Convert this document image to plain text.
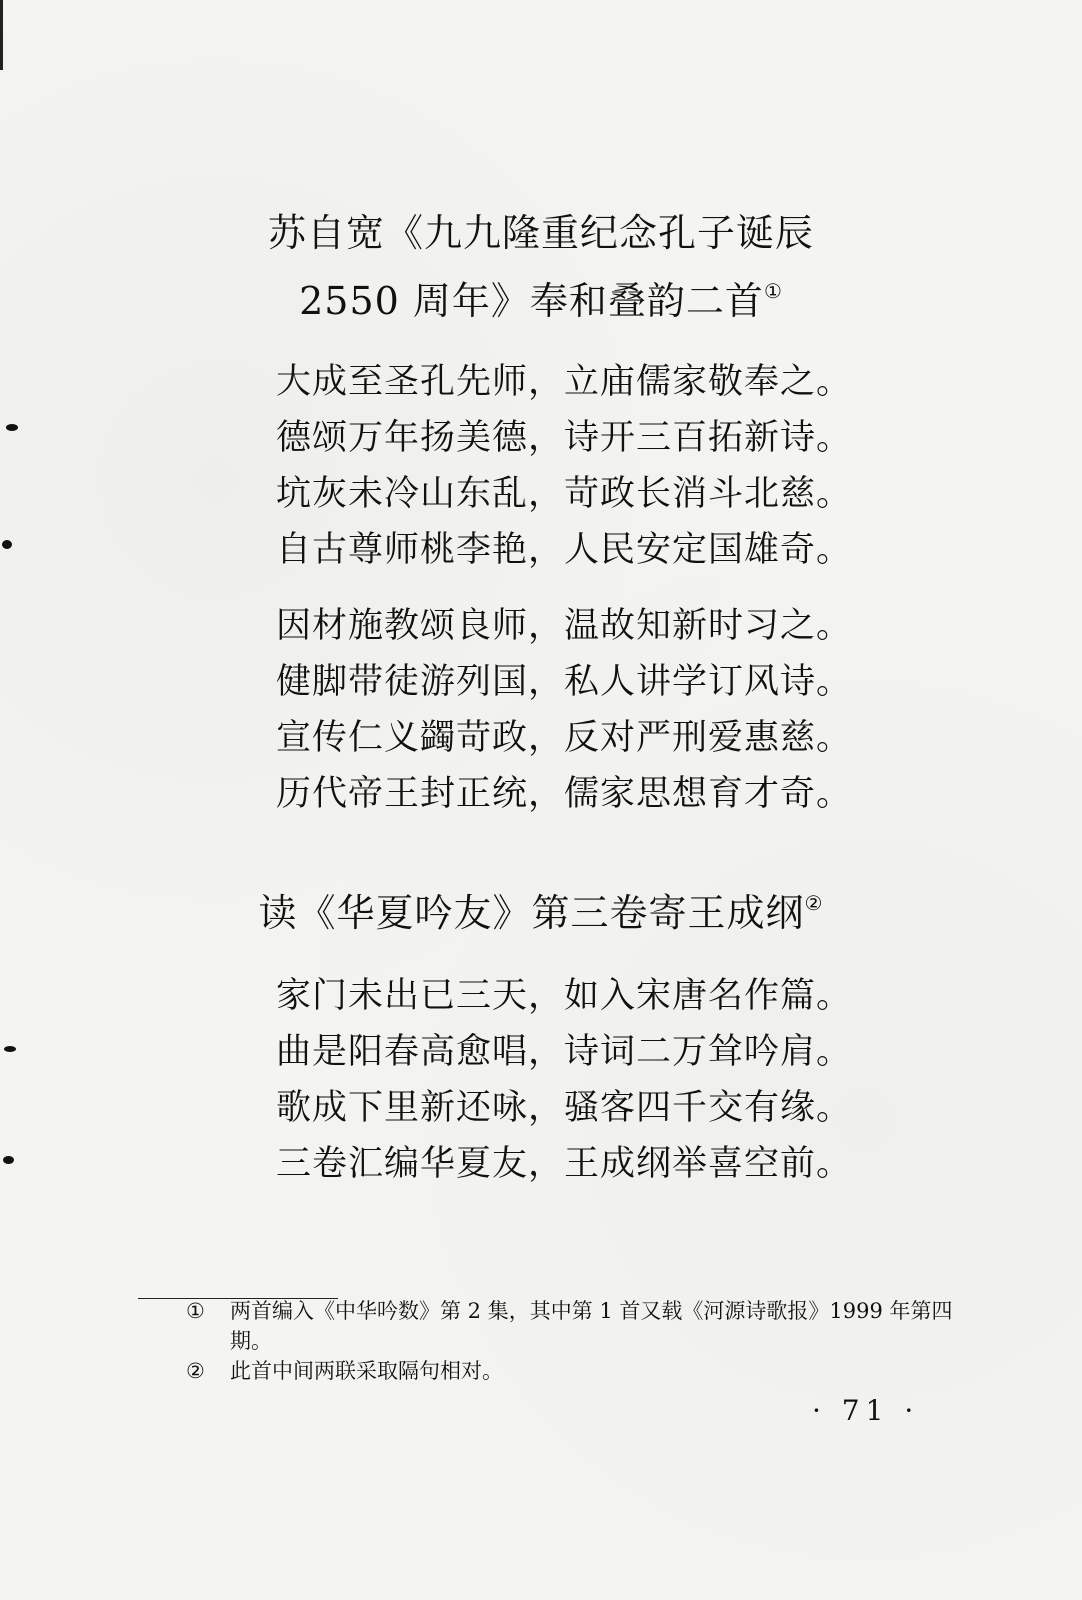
苏自宽《九九隆重纪念孔子诞辰
2550 周年》奉和叠韵二首①
大成至圣孔先师，立庙儒家敬奉之。
德颂万年扬美德，诗开三百拓新诗。
坑灰未冷山东乱，苛政长消斗北慈。
自古尊师桃李艳，人民安定国雄奇。
因材施教颂良师，温故知新时习之。
健脚带徒游列国，私人讲学订风诗。
宣传仁义蠲苛政，反对严刑爱惠慈。
历代帝王封正统，儒家思想育才奇。
读《华夏吟友》第三卷寄王成纲②
家门未出已三天，如入宋唐名作篇。
曲是阳春高愈唱，诗词二万耸吟肩。
歌成下里新还咏，骚客四千交有缘。
三卷汇编华夏友，王成纲举喜空前。
①	两首编入《中华吟数》第 2 集，其中第 1 首又载《河源诗歌报》1999 年第四期。
②	此首中间两联采取隔句相对。
· 71 ·
